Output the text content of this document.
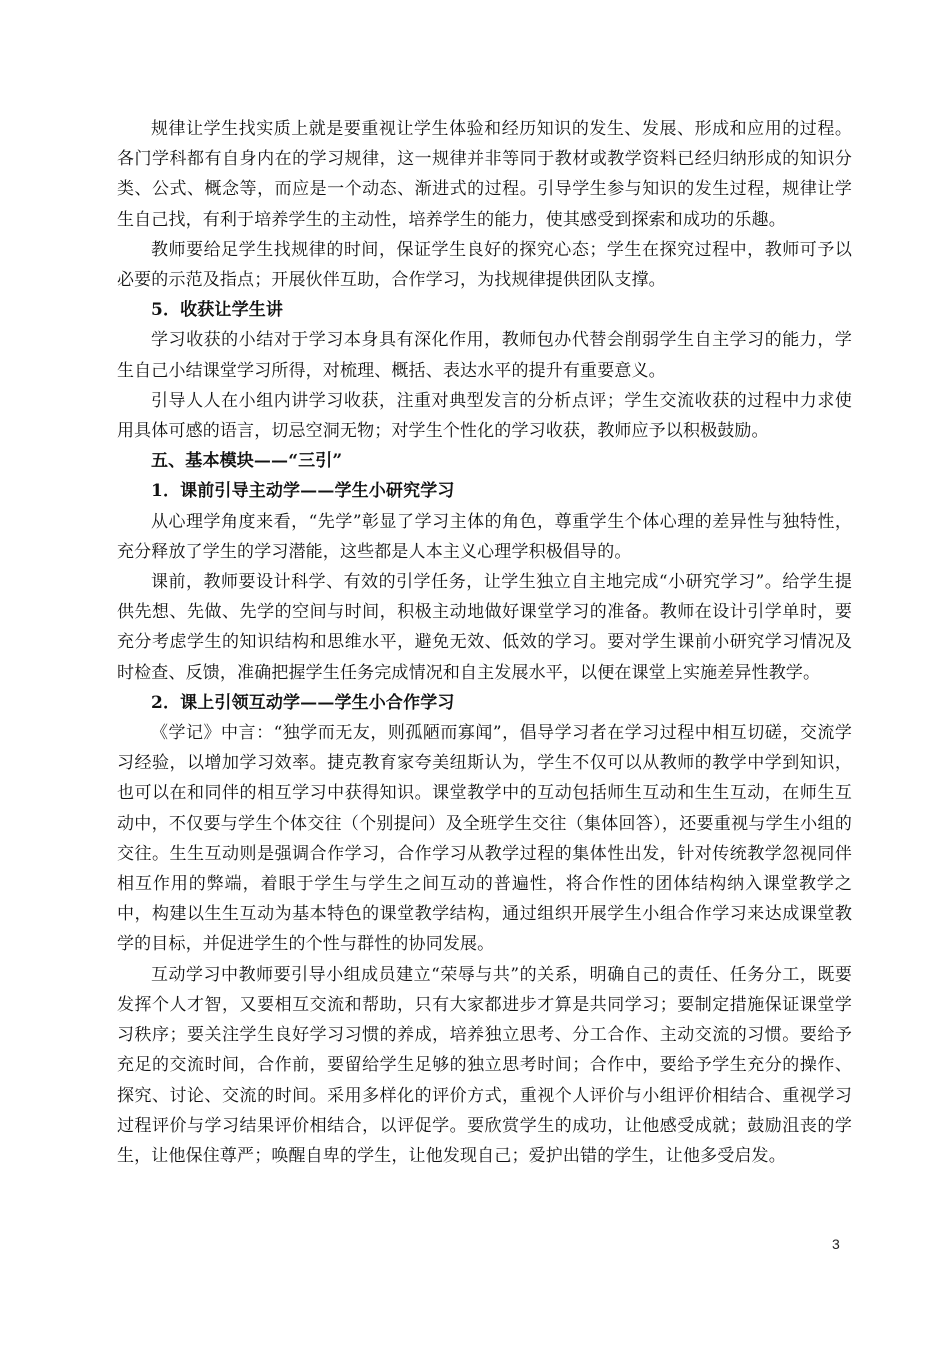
规律让学生找实质上就是要重视让学生体验和经历知识的发生、发展、形成和应用的过程。各门学科都有自身内在的学习规律，这一规律并非等同于教材或教学资料已经归纳形成的知识分类、公式、概念等，而应是一个动态、渐进式的过程。引导学生参与知识的发生过程，规律让学生自己找，有利于培养学生的主动性，培养学生的能力，使其感受到探索和成功的乐趣。

教师要给足学生找规律的时间，保证学生良好的探究心态；学生在探究过程中，教师可予以必要的示范及指点；开展伙伴互助，合作学习，为找规律提供团队支撑。

5．收获让学生讲

学习收获的小结对于学习本身具有深化作用，教师包办代替会削弱学生自主学习的能力，学生自己小结课堂学习所得，对梳理、概括、表达水平的提升有重要意义。

引导人人在小组内讲学习收获，注重对典型发言的分析点评；学生交流收获的过程中力求使用具体可感的语言，切忌空洞无物；对学生个性化的学习收获，教师应予以积极鼓励。

五、基本模块——“三引”

1．课前引导主动学——学生小研究学习

从心理学角度来看，“先学”彰显了学习主体的角色，尊重学生个体心理的差异性与独特性，充分释放了学生的学习潜能，这些都是人本主义心理学积极倡导的。

课前，教师要设计科学、有效的引学任务，让学生独立自主地完成“小研究学习”。给学生提供先想、先做、先学的空间与时间，积极主动地做好课堂学习的准备。教师在设计引学单时，要充分考虑学生的知识结构和思维水平，避免无效、低效的学习。要对学生课前小研究学习情况及时检查、反馈，准确把握学生任务完成情况和自主发展水平，以便在课堂上实施差异性教学。

2．课上引领互动学——学生小合作学习

《学记》中言：“独学而无友，则孤陋而寡闻”，倡导学习者在学习过程中相互切磋，交流学习经验，以增加学习效率。捷克教育家夸美纽斯认为，学生不仅可以从教师的教学中学到知识，也可以在和同伴的相互学习中获得知识。课堂教学中的互动包括师生互动和生生互动，在师生互动中，不仅要与学生个体交往（个别提问）及全班学生交往（集体回答），还要重视与学生小组的交往。生生互动则是强调合作学习，合作学习从教学过程的集体性出发，针对传统教学忽视同伴相互作用的弊端，着眼于学生与学生之间互动的普遍性，将合作性的团体结构纳入课堂教学之中，构建以生生互动为基本特色的课堂教学结构，通过组织开展学生小组合作学习来达成课堂教学的目标，并促进学生的个性与群性的协同发展。

互动学习中教师要引导小组成员建立“荣辱与共”的关系，明确自己的责任、任务分工，既要发挥个人才智，又要相互交流和帮助，只有大家都进步才算是共同学习；要制定措施保证课堂学习秩序；要关注学生良好学习习惯的养成，培养独立思考、分工合作、主动交流的习惯。要给予充足的交流时间，合作前，要留给学生足够的独立思考时间；合作中，要给予学生充分的操作、探究、讨论、交流的时间。采用多样化的评价方式，重视个人评价与小组评价相结合、重视学习过程评价与学习结果评价相结合，以评促学。要欣赏学生的成功，让他感受成就；鼓励沮丧的学生，让他保住尊严；唤醒自卑的学生，让他发现自己；爱护出错的学生，让他多受启发。

3
